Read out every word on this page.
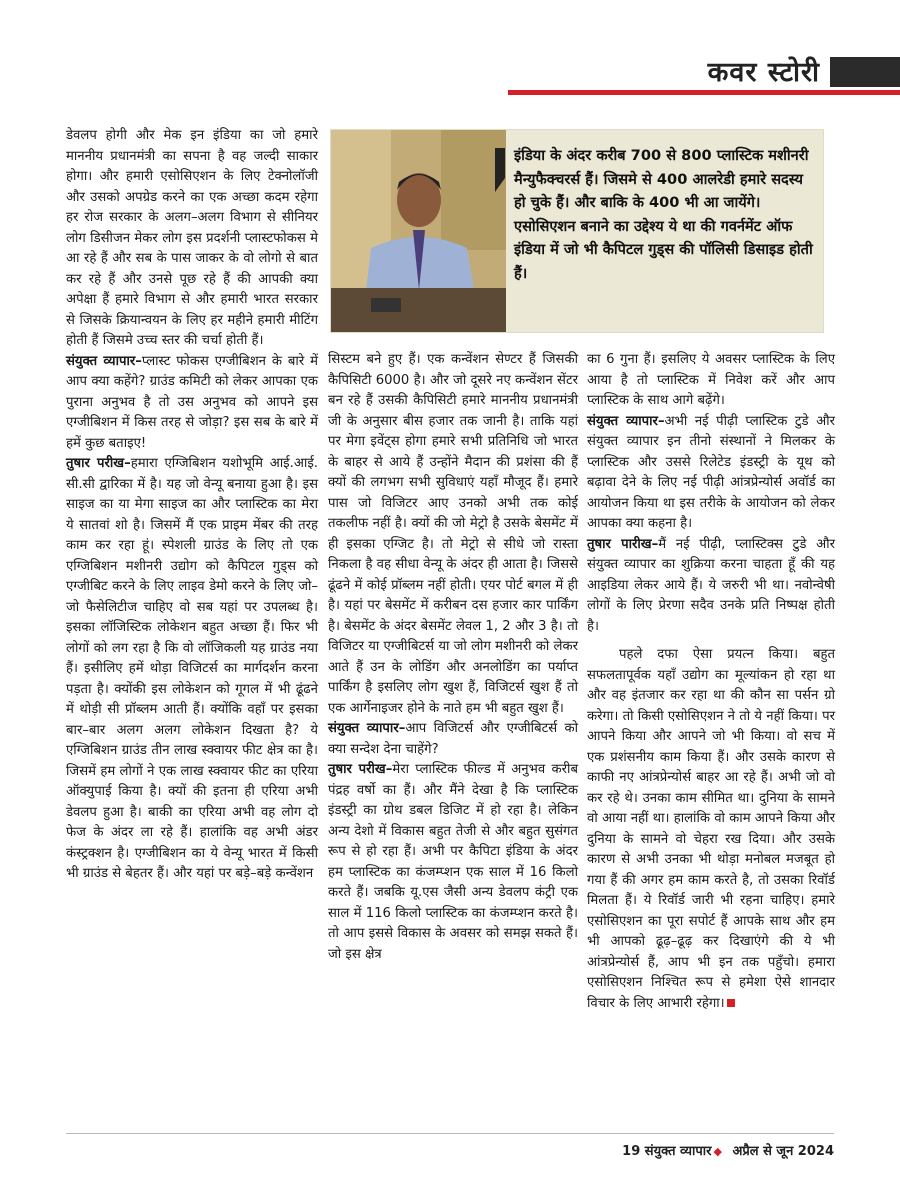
कवर स्टोरी

डेवलप होगी और मेक इन इंडिया का जो हमारे माननीय प्रधानमंत्री का सपना है वह जल्दी साकार होगा। और हमारी एसोसिएशन के लिए टेक्नोलॉजी और उसको अपग्रेड करने का एक अच्छा कदम रहेगा हर रोज सरकार के अलग–अलग विभाग से सीनियर लोग डिसीजन मेकर लोग इस प्रदर्शनी प्लास्टफोकस मे आ रहे हैं और सब के पास जाकर के वो लोगो से बात कर रहे हैं और उनसे पूछ रहे हैं की आपकी क्या अपेक्षा हैं हमारे विभाग से और हमारी भारत सरकार से जिसके क्रियान्वयन के लिए हर महीने हमारी मीटिंग होती हैं जिसमे उच्च स्तर की चर्चा होती हैं।

संयुक्त व्यापार–प्लास्ट फोकस एग्जीबिशन के बारे में आप क्या कहेंगे? ग्राउंड कमिटी को लेकर आपका एक पुराना अनुभव है तो उस अनुभव को आपने इस एग्जीबिशन में किस तरह से जोड़ा? इस सब के बारे में हमें कुछ बताइए!

तुषार परीख–हमारा एग्जिबिशन यशोभूमि आई.आई. सी.सी द्वारिका में है। यह जो वेन्यू बनाया हुआ है। इस साइज का या मेगा साइज का और प्लास्टिक का मेरा ये सातवां शो है। जिसमें मैं एक प्राइम मेंबर की तरह काम कर रहा हूं। स्पेशली ग्राउंड के लिए तो एक एग्जिबिशन मशीनरी उद्योग को कैपिटल गुड्स को एग्जीबिट करने के लिए लाइव डेमो करने के लिए जो–जो फैसेलिटीज चाहिए वो सब यहां पर उपलब्ध है। इसका लॉजिस्टिक लोकेशन बहुत अच्छा हैं। फिर भी लोगों को लग रहा है कि वो लॉजिकली यह ग्राउंड नया हैं। इसीलिए हमें थोड़ा विजिटर्स का मार्गदर्शन करना पड़ता है। क्योंकी इस लोकेशन को गूगल में भी ढूंढने में थोड़ी सी प्रॉब्लम आती हैं। क्योंकि वहाँ पर इसका बार–बार अलग अलग लोकेशन दिखता है? ये एग्जिबिशन ग्राउंड तीन लाख स्क्वायर फीट क्षेत्र का है। जिसमें हम लोगों ने एक लाख स्क्वायर फीट का एरिया ऑक्युपाई किया है। क्यों की इतना ही एरिया अभी डेवलप हुआ है। बाकी का एरिया अभी वह लोग दो फेज के अंदर ला रहे हैं। हालांकि वह अभी अंडर कंस्ट्रक्शन है। एग्जीबिशन का ये वेन्यू भारत में किसी भी ग्राउंड से बेहतर हैं। और यहां पर बड़े–बड़े कन्वेंशन

इंडिया के अंदर करीब 700 से 800 प्लास्टिक मशीनरी मैन्युफैक्चरर्स हैं। जिसमे से 400 आलरेडी हमारे सदस्य हो चुके हैं। और बाकि के 400 भी आ जायेंगे। एसोसिएशन बनाने का उद्देश्य ये था की गवर्नमेंट ऑफ इंडिया में जो भी कैपिटल गुड्स की पॉलिसी डिसाइड होती हैं।

सिस्टम बने हुए हैं। एक कन्वेंशन सेण्टर हैं जिसकी कैपिसिटी 6000 है। और जो दूसरे नए कन्वेंशन सेंटर बन रहे हैं उसकी कैपिसिटी हमारे माननीय प्रधानमंत्री जी के अनुसार बीस हजार तक जानी है। ताकि यहां पर मेगा इवेंट्स होगा हमारे सभी प्रतिनिधि जो भारत के बाहर से आये हैं उन्होंने मैदान की प्रशंसा की हैं क्यों की लगभग सभी सुविधाएं यहाँ मौजूद हैं। हमारे पास जो विजिटर आए उनको अभी तक कोई तकलीफ नहीं है। क्यों की जो मेट्रो है उसके बेसमेंट में ही इसका एग्जिट है। तो मेट्रो से सीधे जो रास्ता निकला है वह सीधा वेन्यू के अंदर ही आता है। जिससे ढूंढने में कोई प्रॉब्लम नहीं होती। एयर पोर्ट बगल में ही है। यहां पर बेसमेंट में करीबन दस हजार कार पार्किंग है। बेसमेंट के अंदर बेसमेंट लेवल 1, 2 और 3 है। तो विजिटर या एग्जीबिटर्स या जो लोग मशीनरी को लेकर आते हैं उन के लोडिंग और अनलोडिंग का पर्याप्त पार्किंग है इसलिए लोग खुश हैं, विजिटर्स खुश हैं तो एक आर्गेनाइजर होने के नाते हम भी बहुत खुश हैं।

संयुक्त व्यापार–आप विजिटर्स और एग्जीबिटर्स को क्या सन्देश देना चाहेंगे?

तुषार परीख–मेरा प्लास्टिक फील्ड में अनुभव करीब पंद्रह वर्षो का हैं। और मैंने देखा है कि प्लास्टिक इंडस्ट्री का ग्रोथ डबल डिजिट में हो रहा है। लेकिन अन्य देशो में विकास बहुत तेजी से और बहुत सुसंगत रूप से हो रहा हैं। अभी पर कैपिटा इंडिया के अंदर हम प्लास्टिक का कंजम्प्शन एक साल में 16 किलो करते हैं। जबकि यू.एस जैसी अन्य डेवलप कंट्री एक साल में 116 किलो प्लास्टिक का कंजम्प्शन करते है। तो आप इससे विकास के अवसर को समझ सकते हैं। जो इस क्षेत्र

का 6 गुना हैं। इसलिए ये अवसर प्लास्टिक के लिए आया है तो प्लास्टिक में निवेश करें और आप प्लास्टिक के साथ आगे बढ़ेंगे।

संयुक्त व्यापार–अभी नई पीढ़ी प्लास्टिक टुडे और संयुक्त व्यापार इन तीनो संस्थानों ने मिलकर के प्लास्टिक और उससे रिलेटेड इंडस्ट्री के यूथ को बढ़ावा देने के लिए नई पीढ़ी आंत्रप्रेन्योर्स अवॉर्ड का आयोजन किया था इस तरीके के आयोजन को लेकर आपका क्या कहना है।

तुषार पारीख–मैं नई पीढ़ी, प्लास्टिक्स टुडे और संयुक्त व्यापार का शुक्रिया करना चाहता हूँ की यह आइडिया लेकर आये हैं। ये जरुरी भी था। नवोन्वेषी लोगों के लिए प्रेरणा सदैव उनके प्रति निष्पक्ष होती है।

पहले दफा ऐसा प्रयत्न किया। बहुत सफलतापूर्वक यहाँ उद्योग का मूल्यांकन हो रहा था और वह इंतजार कर रहा था की कौन सा पर्सन ग्रो करेगा। तो किसी एसोसिएशन ने तो ये नहीं किया। पर आपने किया और आपने जो भी किया। वो सच में एक प्रशंसनीय काम किया हैं। और उसके कारण से काफी नए आंत्रप्रेन्योर्स बाहर आ रहे हैं। अभी जो वो कर रहे थे। उनका काम सीमित था। दुनिया के सामने वो आया नहीं था। हालांकि वो काम आपने किया और दुनिया के सामने वो चेहरा रख दिया। और उसके कारण से अभी उनका भी थोड़ा मनोबल मजबूत हो गया हैं की अगर हम काम करते है, तो उसका रिवॉर्ड मिलता हैं। ये रिवॉर्ड जारी भी रहना चाहिए। हमारे एसोसिएशन का पूरा सपोर्ट हैं आपके साथ और हम भी आपको ढूढ़–ढूढ़ कर दिखाएंगे की ये भी आंत्रप्रेन्योर्स हैं, आप भी इन तक पहुँचो। हमारा एसोसिएशन निश्चित रूप से हमेशा ऐसे शानदार विचार के लिए आभारी रहेगा।

19 संयुक्त व्यापार ◆ अप्रैल से जून 2024
